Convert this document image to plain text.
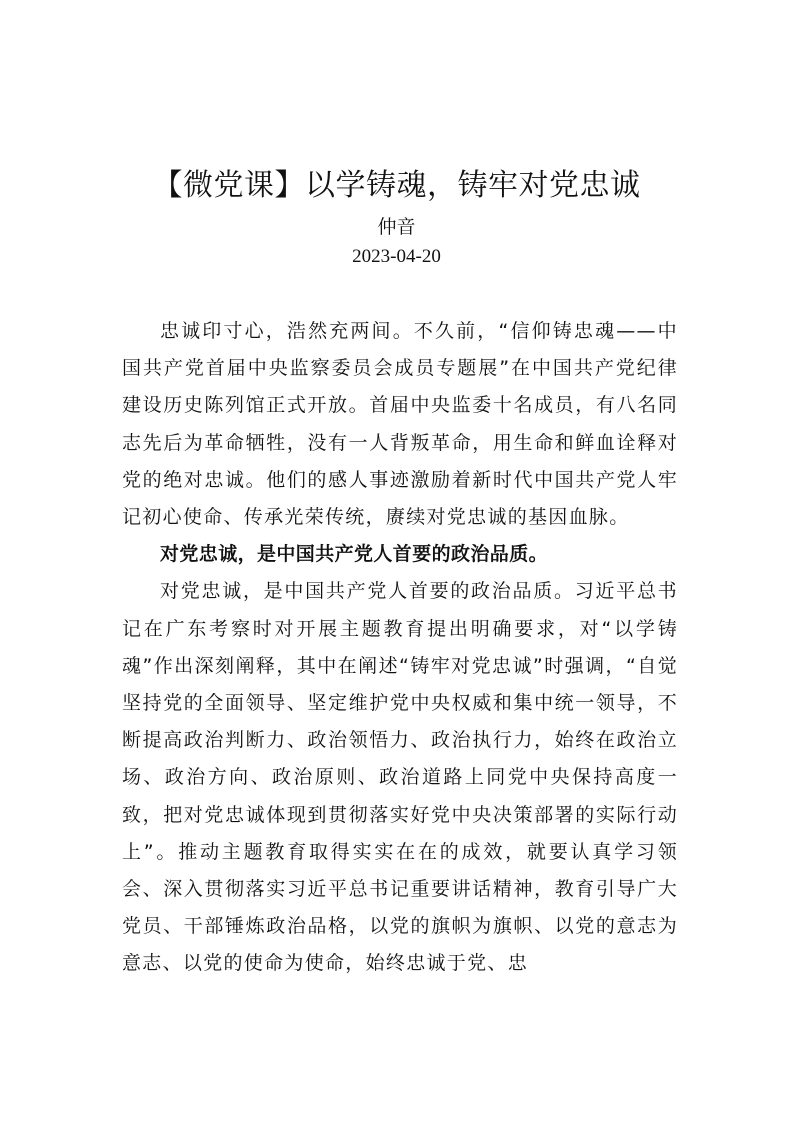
【微党课】以学铸魂，铸牢对党忠诚
仲音
2023-04-20

忠诚印寸心，浩然充两间。不久前，“信仰铸忠魂——中国共产党首届中央监察委员会成员专题展”在中国共产党纪律建设历史陈列馆正式开放。首届中央监委十名成员，有八名同志先后为革命牺牲，没有一人背叛革命，用生命和鲜血诠释对党的绝对忠诚。他们的感人事迹激励着新时代中国共产党人牢记初心使命、传承光荣传统，赓续对党忠诚的基因血脉。

对党忠诚，是中国共产党人首要的政治品质。

对党忠诚，是中国共产党人首要的政治品质。习近平总书记在广东考察时对开展主题教育提出明确要求，对“以学铸魂”作出深刻阐释，其中在阐述“铸牢对党忠诚”时强调，“自觉坚持党的全面领导、坚定维护党中央权威和集中统一领导，不断提高政治判断力、政治领悟力、政治执行力，始终在政治立场、政治方向、政治原则、政治道路上同党中央保持高度一致，把对党忠诚体现到贯彻落实好党中央决策部署的实际行动上”。推动主题教育取得实实在在的成效，就要认真学习领会、深入贯彻落实习近平总书记重要讲话精神，教育引导广大党员、干部锤炼政治品格，以党的旗帜为旗帜、以党的意志为意志、以党的使命为使命，始终忠诚于党、忠
